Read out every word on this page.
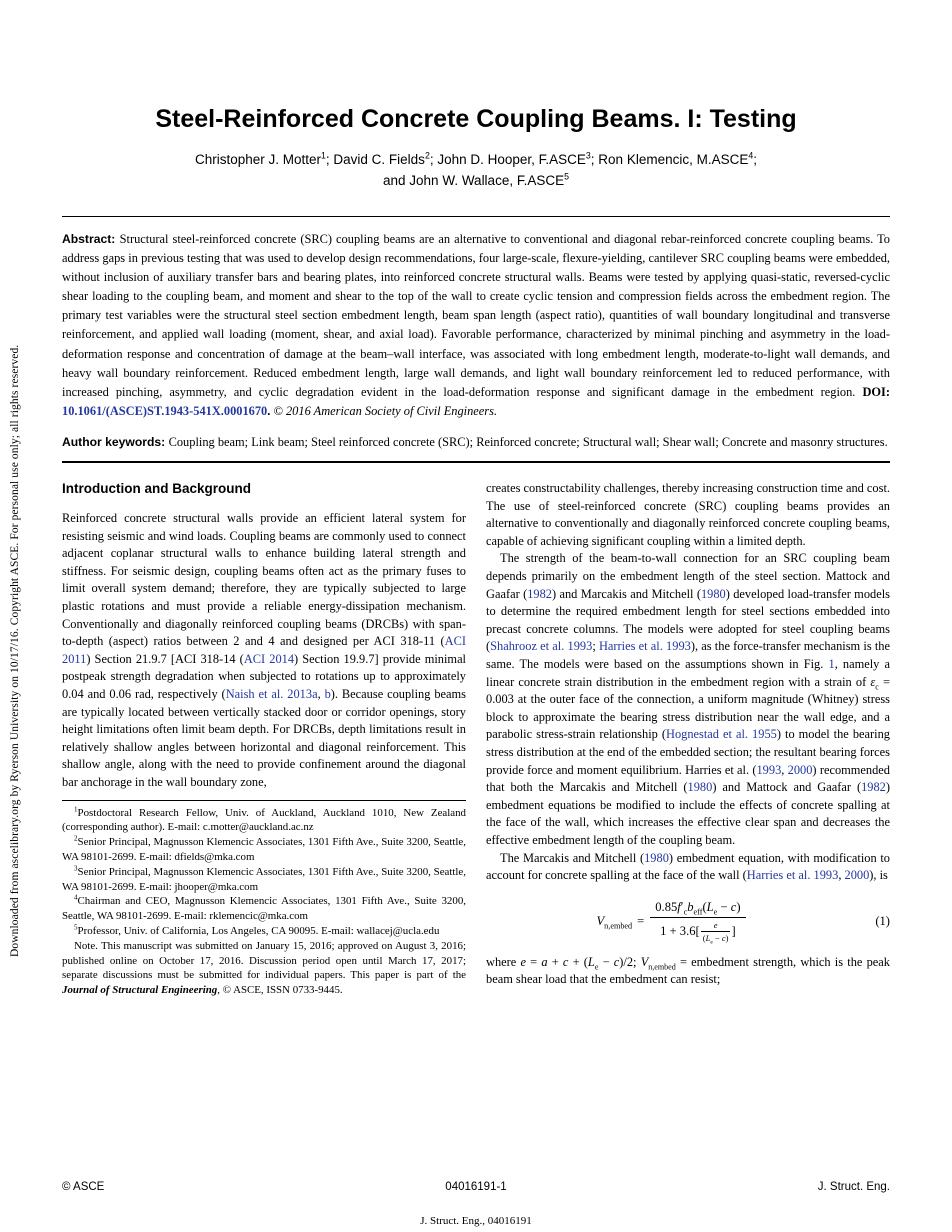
Downloaded from ascelibrary.org by Ryerson University on 10/17/16. Copyright ASCE. For personal use only; all rights reserved.
Steel-Reinforced Concrete Coupling Beams. I: Testing
Christopher J. Motter$^1$; David C. Fields$^2$; John D. Hooper, F.ASCE$^3$; Ron Klemencic, M.ASCE$^4$;
and John W. Wallace, F.ASCE$^5$

Abstract: Structural steel-reinforced concrete (SRC) coupling beams are an alternative to conventional and diagonal rebar-reinforced concrete coupling beams. To address gaps in previous testing that was used to develop design recommendations, four large-scale, flexure-yielding, cantilever SRC coupling beams were embedded, without inclusion of auxiliary transfer bars and bearing plates, into reinforced concrete structural walls. Beams were tested by applying quasi-static, reversed-cyclic shear loading to the coupling beam, and moment and shear to the top of the wall to create cyclic tension and compression fields across the embedment region. The primary test variables were the structural steel section embedment length, beam span length (aspect ratio), quantities of wall boundary longitudinal and transverse reinforcement, and applied wall loading (moment, shear, and axial load). Favorable performance, characterized by minimal pinching and asymmetry in the load-deformation response and concentration of damage at the beam–wall interface, was associated with long embedment length, moderate-to-light wall demands, and heavy wall boundary reinforcement. Reduced embedment length, large wall demands, and light wall boundary reinforcement led to reduced performance, with increased pinching, asymmetry, and cyclic degradation evident in the load-deformation response and significant damage in the embedment region. DOI: 10.1061/(ASCE)ST.1943-541X.0001670. © 2016 American Society of Civil Engineers.

Author keywords: Coupling beam; Link beam; Steel reinforced concrete (SRC); Reinforced concrete; Structural wall; Shear wall; Concrete and masonry structures.

Introduction and Background

Reinforced concrete structural walls provide an efficient lateral system for resisting seismic and wind loads. Coupling beams are commonly used to connect adjacent coplanar structural walls to enhance building lateral strength and stiffness. For seismic design, coupling beams often act as the primary fuses to limit overall system demand; therefore, they are typically subjected to large plastic rotations and must provide a reliable energy-dissipation mechanism. Conventionally and diagonally reinforced coupling beams (DRCBs) with span-to-depth (aspect) ratios between 2 and 4 and designed per ACI 318-11 (ACI 2011) Section 21.9.7 [ACI 318-14 (ACI 2014) Section 19.9.7] provide minimal postpeak strength degradation when subjected to rotations up to approximately 0.04 and 0.06 rad, respectively (Naish et al. 2013a, b). Because coupling beams are typically located between vertically stacked door or corridor openings, story height limitations often limit beam depth. For DRCBs, depth limitations result in relatively shallow angles between horizontal and diagonal reinforcement. This shallow angle, along with the need to provide confinement around the diagonal bar anchorage in the wall boundary zone,

$^1$Postdoctoral Research Fellow, Univ. of Auckland, Auckland 1010, New Zealand (corresponding author). E-mail: c.motter@auckland.ac.nz

$^2$Senior Principal, Magnusson Klemencic Associates, 1301 Fifth Ave., Suite 3200, Seattle, WA 98101-2699. E-mail: dfields@mka.com

$^3$Senior Principal, Magnusson Klemencic Associates, 1301 Fifth Ave., Suite 3200, Seattle, WA 98101-2699. E-mail: jhooper@mka.com

$^4$Chairman and CEO, Magnusson Klemencic Associates, 1301 Fifth Ave., Suite 3200, Seattle, WA 98101-2699. E-mail: rklemencic@mka.com

$^5$Professor, Univ. of California, Los Angeles, CA 90095. E-mail: wallacej@ucla.edu

Note. This manuscript was submitted on January 15, 2016; approved on August 3, 2016; published online on October 17, 2016. Discussion period open until March 17, 2017; separate discussions must be submitted for individual papers. This paper is part of the Journal of Structural Engineering, © ASCE, ISSN 0733-9445.

creates constructability challenges, thereby increasing construction time and cost. The use of steel-reinforced concrete (SRC) coupling beams provides an alternative to conventionally and diagonally reinforced concrete coupling beams, capable of achieving significant coupling within a limited depth.

The strength of the beam-to-wall connection for an SRC coupling beam depends primarily on the embedment length of the steel section. Mattock and Gaafar (1982) and Marcakis and Mitchell (1980) developed load-transfer models to determine the required embedment length for steel sections embedded into precast concrete columns. The models were adopted for steel coupling beams (Shahrooz et al. 1993; Harries et al. 1993), as the force-transfer mechanism is the same. The models were based on the assumptions shown in Fig. 1, namely a linear concrete strain distribution in the embedment region with a strain of $\varepsilon_c = 0.003$ at the outer face of the connection, a uniform magnitude (Whitney) stress block to approximate the bearing stress distribution near the wall edge, and a parabolic stress-strain relationship (Hognestad et al. 1955) to model the bearing stress distribution at the end of the embedded section; the resultant bearing forces provide force and moment equilibrium. Harries et al. (1993, 2000) recommended that both the Marcakis and Mitchell (1980) and Mattock and Gaafar (1982) embedment equations be modified to include the effects of concrete spalling at the face of the wall, which increases the effective clear span and decreases the effective embedment length of the coupling beam.

The Marcakis and Mitchell (1980) embedment equation, with modification to account for concrete spalling at the face of the wall (Harries et al. 1993, 2000), is

$V_{n,embed}$ =
$0.85f'_cb_{eff}(L_e - c)$
$1 + 3.6[ \frac{e}{(L_e - c)}$ ]
(1)

where $e = a + c + (L_e - c)/2$; $V_{n,embed}$ = embedment strength, which is the peak beam shear load that the embedment can resist;

© ASCE	04016191-1	J. Struct. Eng.
J. Struct. Eng., 04016191
